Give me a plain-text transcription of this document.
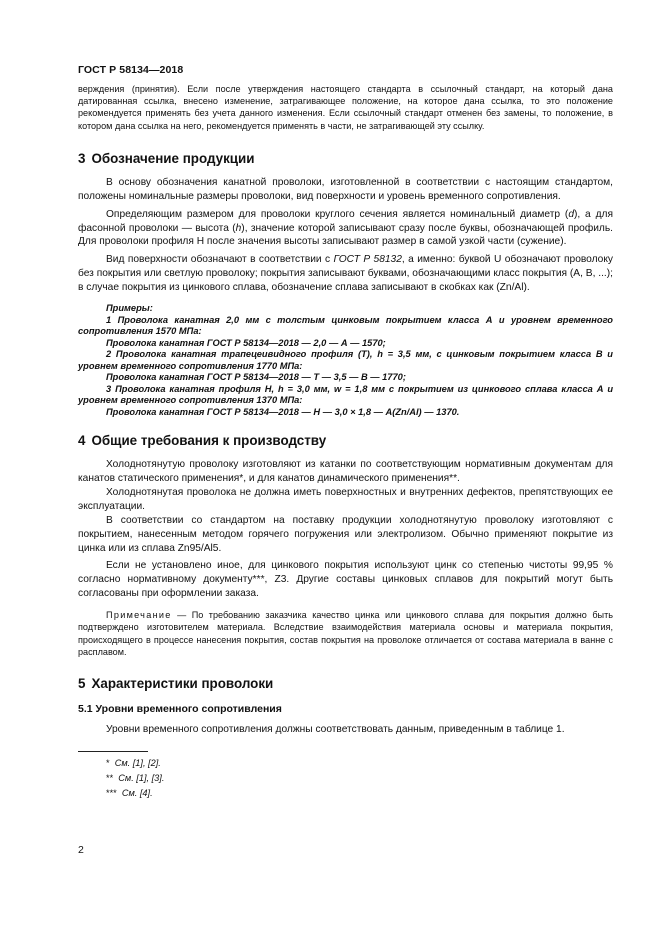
ГОСТ Р 58134—2018

верждения (принятия). Если после утверждения настоящего стандарта в ссылочный стандарт, на который дана датированная ссылка, внесено изменение, затрагивающее положение, на которое дана ссылка, то это положение рекомендуется применять без учета данного изменения. Если ссылочный стандарт отменен без замены, то положение, в котором дана ссылка на него, рекомендуется применять в части, не затрагивающей эту ссылку.

3 Обозначение продукции

В основу обозначения канатной проволоки, изготовленной в соответствии с настоящим стандартом, положены номинальные размеры проволоки, вид поверхности и уровень временного сопротивления.

Определяющим размером для проволоки круглого сечения является номинальный диаметр (d), а для фасонной проволоки — высота (h), значение которой записывают сразу после буквы, обозначающей профиль. Для проволоки профиля H после значения высоты записывают размер в самой узкой части (сужение).

Вид поверхности обозначают в соответствии с ГОСТ Р 58132, а именно: буквой U обозначают проволоку без покрытия или светлую проволоку; покрытия записывают буквами, обозначающими класс покрытия (A, B, ...); в случае покрытия из цинкового сплава, обозначение сплава записывают в скобках как (Zn/Al).

Примеры:
1 Проволока канатная 2,0 мм с толстым цинковым покрытием класса А и уровнем временного сопротивления 1570 МПа:
Проволока канатная ГОСТ Р 58134—2018 — 2,0 — А — 1570;
2 Проволока канатная трапецеивидного профиля (Т), h = 3,5 мм, с цинковым покрытием класса В и уровнем временного сопротивления 1770 МПа:
Проволока канатная ГОСТ Р 58134—2018 — Т — 3,5 — В — 1770;
3 Проволока канатная профиля Н, h = 3,0 мм, w = 1,8 мм с покрытием из цинкового сплава класса А и уровнем временного сопротивления 1370 МПа:
Проволока канатная ГОСТ Р 58134—2018 — Н — 3,0 × 1,8 — A(Zn/Al) — 1370.
4 Общие требования к производству

Холоднотянутую проволоку изготовляют из катанки по соответствующим нормативным документам для канатов статического применения*, и для канатов динамического применения**.

Холоднотянутая проволока не должна иметь поверхностных и внутренних дефектов, препятствующих ее эксплуатации.

В соответствии со стандартом на поставку продукции холоднотянутую проволоку изготовляют с покрытием, нанесенным методом горячего погружения или электролизом. Обычно применяют покрытие из цинка или из сплава Zn95/Al5.

Если не установлено иное, для цинкового покрытия используют цинк со степенью чистоты 99,95 % согласно нормативному документу***, Z3. Другие составы цинковых сплавов для покрытий могут быть согласованы при оформлении заказа.

Примечание — По требованию заказчика качество цинка или цинкового сплава для покрытия должно быть подтверждено изготовителем материала. Вследствие взаимодействия материала основы и материала покрытия, происходящего в процессе нанесения покрытия, состав покрытия на проволоке отличается от состава материала в ванне с расплавом.

5 Характеристики проволоки
5.1 Уровни временного сопротивления

Уровни временного сопротивления должны соответствовать данным, приведенным в таблице 1.

* См. [1], [2].
** См. [1], [3].
*** См. [4].
2
